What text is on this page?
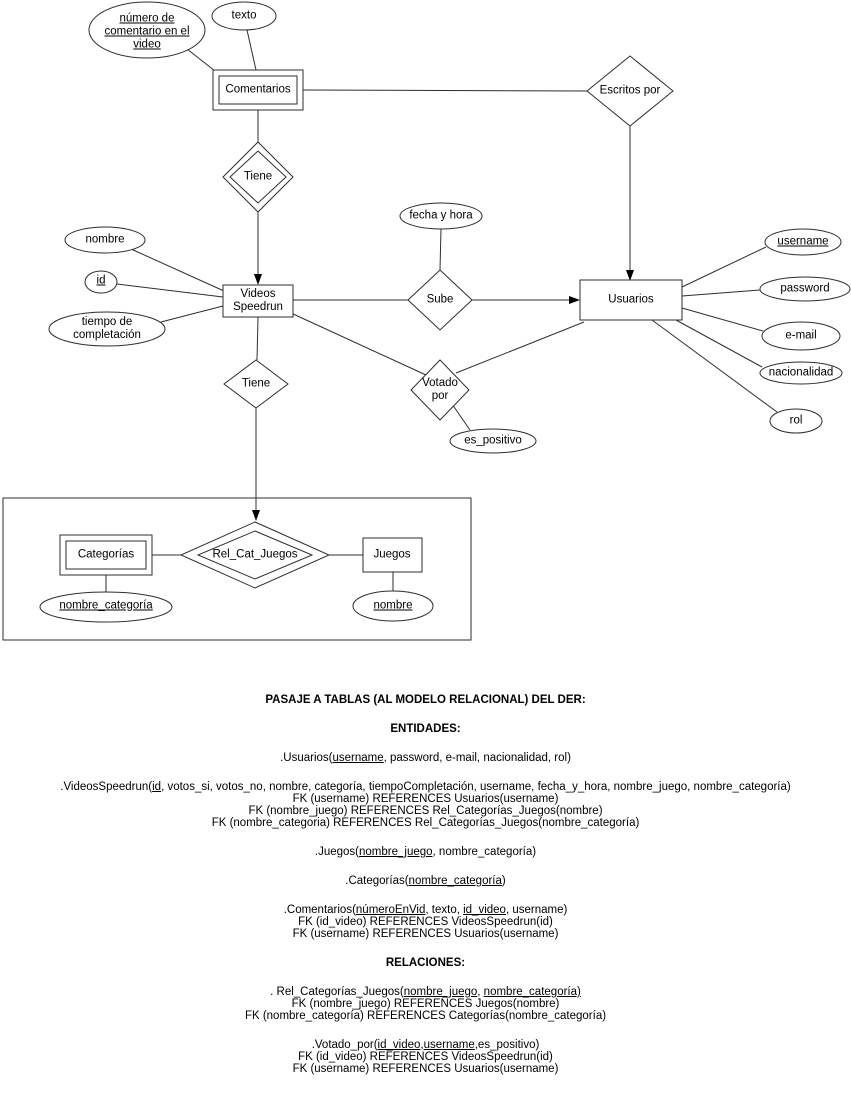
número de comentario en el video
texto
Comentarios	Escritos por
Tiene
nombre
id
tiempo de completación
Videos Speedrun
fecha y hora
Sube	Usuarios
username
password
e-mail
nacionalidad
rol
Votado por
es_positivo
Tiene
Categorías
nombre_categoría
Rel_Cat_Juegos	Juegos
nombre
PASAJE A TABLAS (AL MODELO RELACIONAL) DEL DER:
ENTIDADES:
.Usuarios(username, password, e-mail, nacionalidad, rol)
.VideosSpeedrun(id, votos_si, votos_no, nombre, categoría, tiempoCompletación, username, fecha_y_hora, nombre_juego, nombre_categoría)
FK (username) REFERENCES Usuarios(username)
FK (nombre_juego) REFERENCES Rel_Categorías_Juegos(nombre)
FK (nombre_categoria) REFERENCES Rel_Categorías_Juegos(nombre_categoría)
.Juegos(nombre_juego, nombre_categoría)
.Categorías(nombre_categoría)
.Comentarios(númeroEnVid, texto, id_video, username)
FK (id_video) REFERENCES VideosSpeedrun(id)
FK (username) REFERENCES Usuarios(username)
RELACIONES:
. Rel_Categorías_Juegos(nombre_juego, nombre_categoría)
FK (nombre_juego) REFERENCES Juegos(nombre)
FK (nombre_categoría) REFERENCES Categorías(nombre_categoría)
.Votado_por(id_video,username,es_positivo)
FK (id_video) REFERENCES VideosSpeedrun(id)
FK (username) REFERENCES Usuarios(username)
